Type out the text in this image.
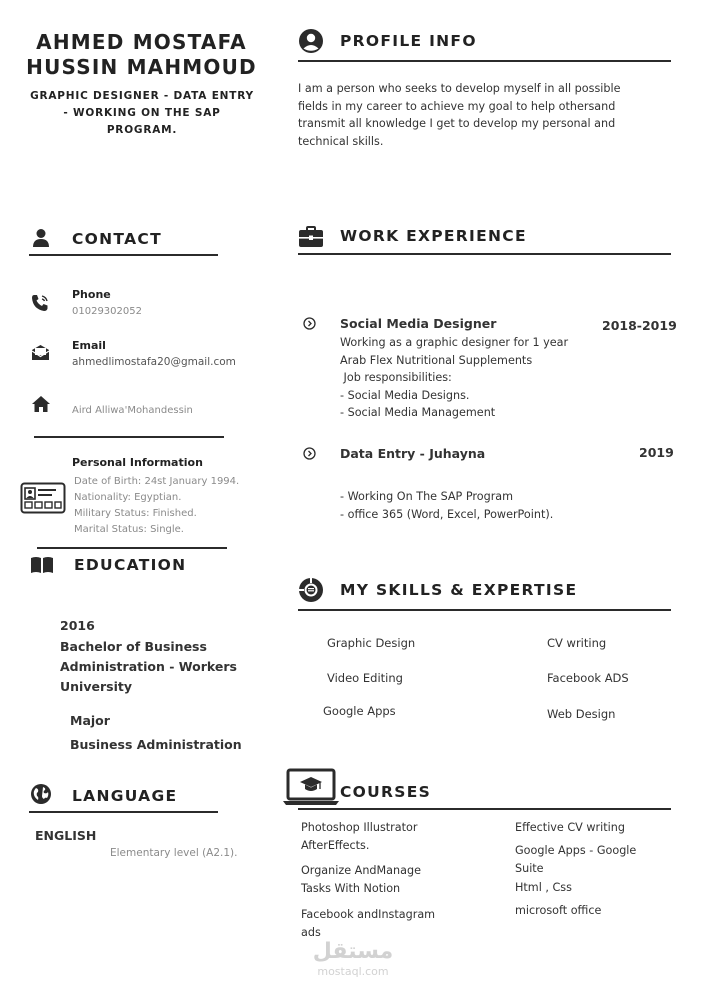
AHMED MOSTAFA
HUSSIN MAHMOUD
GRAPHIC DESIGNER - DATA ENTRY
- WORKING ON THE SAP
PROGRAM.
PROFILE INFO
I am a person who seeks to develop myself in all possible
fields in my career to achieve my goal to help othersand
transmit all knowledge I get to develop my personal and
technical skills.
CONTACT
Phone
01029302052
Email
ahmedlimostafa20@gmail.com
Aird Alliwa'Mohandessin
Personal Information
Date of Birth: 24st January 1994.
Nationality: Egyptian.
Military Status: Finished.
Marital Status: Single.
EDUCATION
2016
Bachelor of Business
Administration - Workers
University
Major
Business Administration
LANGUAGE
ENGLISH
Elementary level (A2.1).
WORK EXPERIENCE
Social Media Designer	2018-2019
Working as a graphic designer for 1 year
Arab Flex Nutritional Supplements
Job responsibilities:
- Social Media Designs.
- Social Media Management
Data Entry - Juhayna	2019
- Working On The SAP Program
- office 365 (Word, Excel, PowerPoint).
MY SKILLS & EXPERTISE
Graphic Design	CV writing
Video Editing	Facebook ADS
Google Apps	Web Design
COURSES
Photoshop Illustrator
AfterEffects.
Organize AndManage
Tasks With Notion
Facebook andInstagram
ads
Effective CV writing
Google Apps - Google
Suite
Html , Css
microsoft office
مستقل
mostaql.com
